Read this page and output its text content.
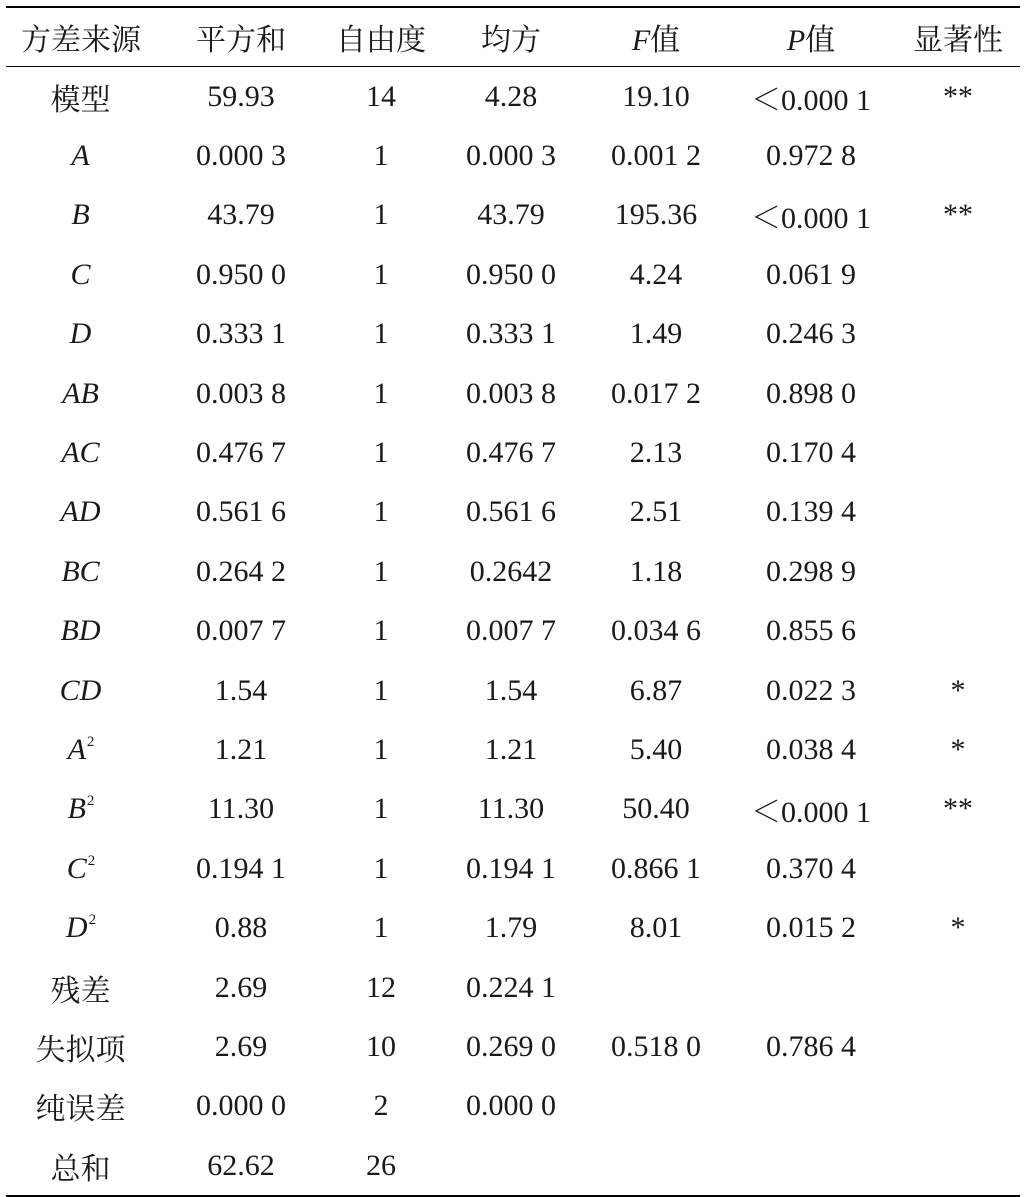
方差来源	平方和	自由度	均方	F值	P值	显著性
模型	59.93	14	4.28	19.10	＜0.000 1	**
A	0.000 3	1	0.000 3	0.001 2	0.972 8	
B	43.79	1	43.79	195.36	＜0.000 1	**
C	0.950 0	1	0.950 0	4.24	0.061 9	
D	0.333 1	1	0.333 1	1.49	0.246 3	
AB	0.003 8	1	0.003 8	0.017 2	0.898 0	
AC	0.476 7	1	0.476 7	2.13	0.170 4	
AD	0.561 6	1	0.561 6	2.51	0.139 4	
BC	0.264 2	1	0.2642	1.18	0.298 9	
BD	0.007 7	1	0.007 7	0.034 6	0.855 6	
CD	1.54	1	1.54	6.87	0.022 3	*
$A^2$	1.21	1	1.21	5.40	0.038 4	*
$B^2$	11.30	1	11.30	50.40	＜0.000 1	**
$C^2$	0.194 1	1	0.194 1	0.866 1	0.370 4	
$D^2$	0.88	1	1.79	8.01	0.015 2	*
残差	2.69	12	0.224 1			
失拟项	2.69	10	0.269 0	0.518 0	0.786 4	
纯误差	0.000 0	2	0.000 0			
总和	62.62	26				
